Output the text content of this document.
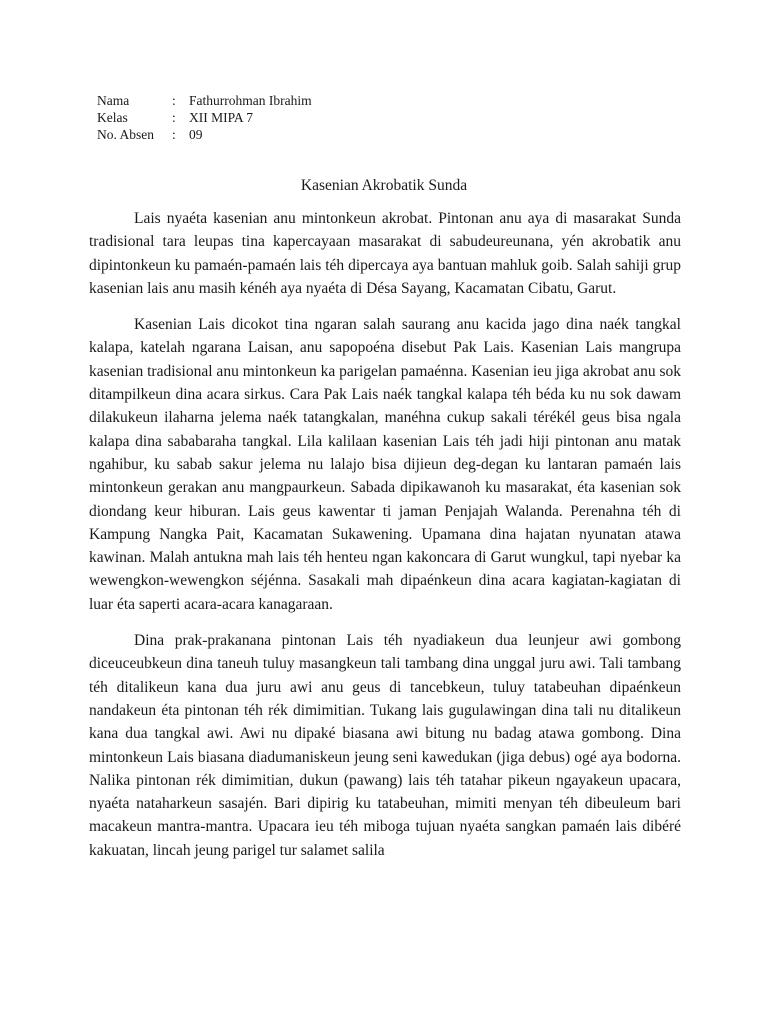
Nama	:	Fathurrohman Ibrahim
Kelas	:	XII MIPA 7
No. Absen	:	09
Kasenian Akrobatik Sunda

Lais nyaéta kasenian anu mintonkeun akrobat. Pintonan anu aya di masarakat Sunda tradisional tara leupas tina kapercayaan masarakat di sabudeureunana, yén akrobatik anu dipintonkeun ku pamaén-pamaén lais téh dipercaya aya bantuan mahluk goib. Salah sahiji grup kasenian lais anu masih kénéh aya nyaéta di Désa Sayang, Kacamatan Cibatu, Garut.

Kasenian Lais dicokot tina ngaran salah saurang anu kacida jago dina naék tangkal kalapa, katelah ngarana Laisan, anu sapopoéna disebut Pak Lais. Kasenian Lais mangrupa kasenian tradisional anu mintonkeun ka parigelan pamaénna. Kasenian ieu jiga akrobat anu sok ditampilkeun dina acara sirkus. Cara Pak Lais naék tangkal kalapa téh béda ku nu sok dawam dilakukeun ilaharna jelema naék tatangkalan, manéhna cukup sakali térékél geus bisa ngala kalapa dina sababaraha tangkal. Lila kalilaan kasenian Lais téh jadi hiji pintonan anu matak ngahibur, ku sabab sakur jelema nu lalajo bisa dijieun deg-degan ku lantaran pamaén lais mintonkeun gerakan anu mangpaurkeun. Sabada dipikawanoh ku masarakat, éta kasenian sok diondang keur hiburan. Lais geus kawentar ti jaman Penjajah Walanda. Perenahna téh di Kampung Nangka Pait, Kacamatan Sukawening. Upamana dina hajatan nyunatan atawa kawinan. Malah antukna mah lais téh henteu ngan kakoncara di Garut wungkul, tapi nyebar ka wewengkon-wewengkon séjénna. Sasakali mah dipaénkeun dina acara kagiatan-kagiatan di luar éta saperti acara-acara kanagaraan.

Dina prak-prakanana pintonan Lais téh nyadiakeun dua leunjeur awi gombong diceuceubkeun dina taneuh tuluy masangkeun tali tambang dina unggal juru awi. Tali tambang téh ditalikeun kana dua juru awi anu geus di tancebkeun, tuluy tatabeuhan dipaénkeun nandakeun éta pintonan téh rék dimimitian. Tukang lais gugulawingan dina tali nu ditalikeun kana dua tangkal awi. Awi nu dipaké biasana awi bitung nu badag atawa gombong. Dina mintonkeun Lais biasana diadumaniskeun jeung seni kawedukan (jiga debus) ogé aya bodorna. Nalika pintonan rék dimimitian, dukun (pawang) lais téh tatahar pikeun ngayakeun upacara, nyaéta nataharkeun sasajén. Bari dipirig ku tatabeuhan, mimiti menyan téh dibeuleum bari macakeun mantra-mantra. Upacara ieu téh miboga tujuan nyaéta sangkan pamaén lais dibéré kakuatan, lincah jeung parigel tur salamet salila
